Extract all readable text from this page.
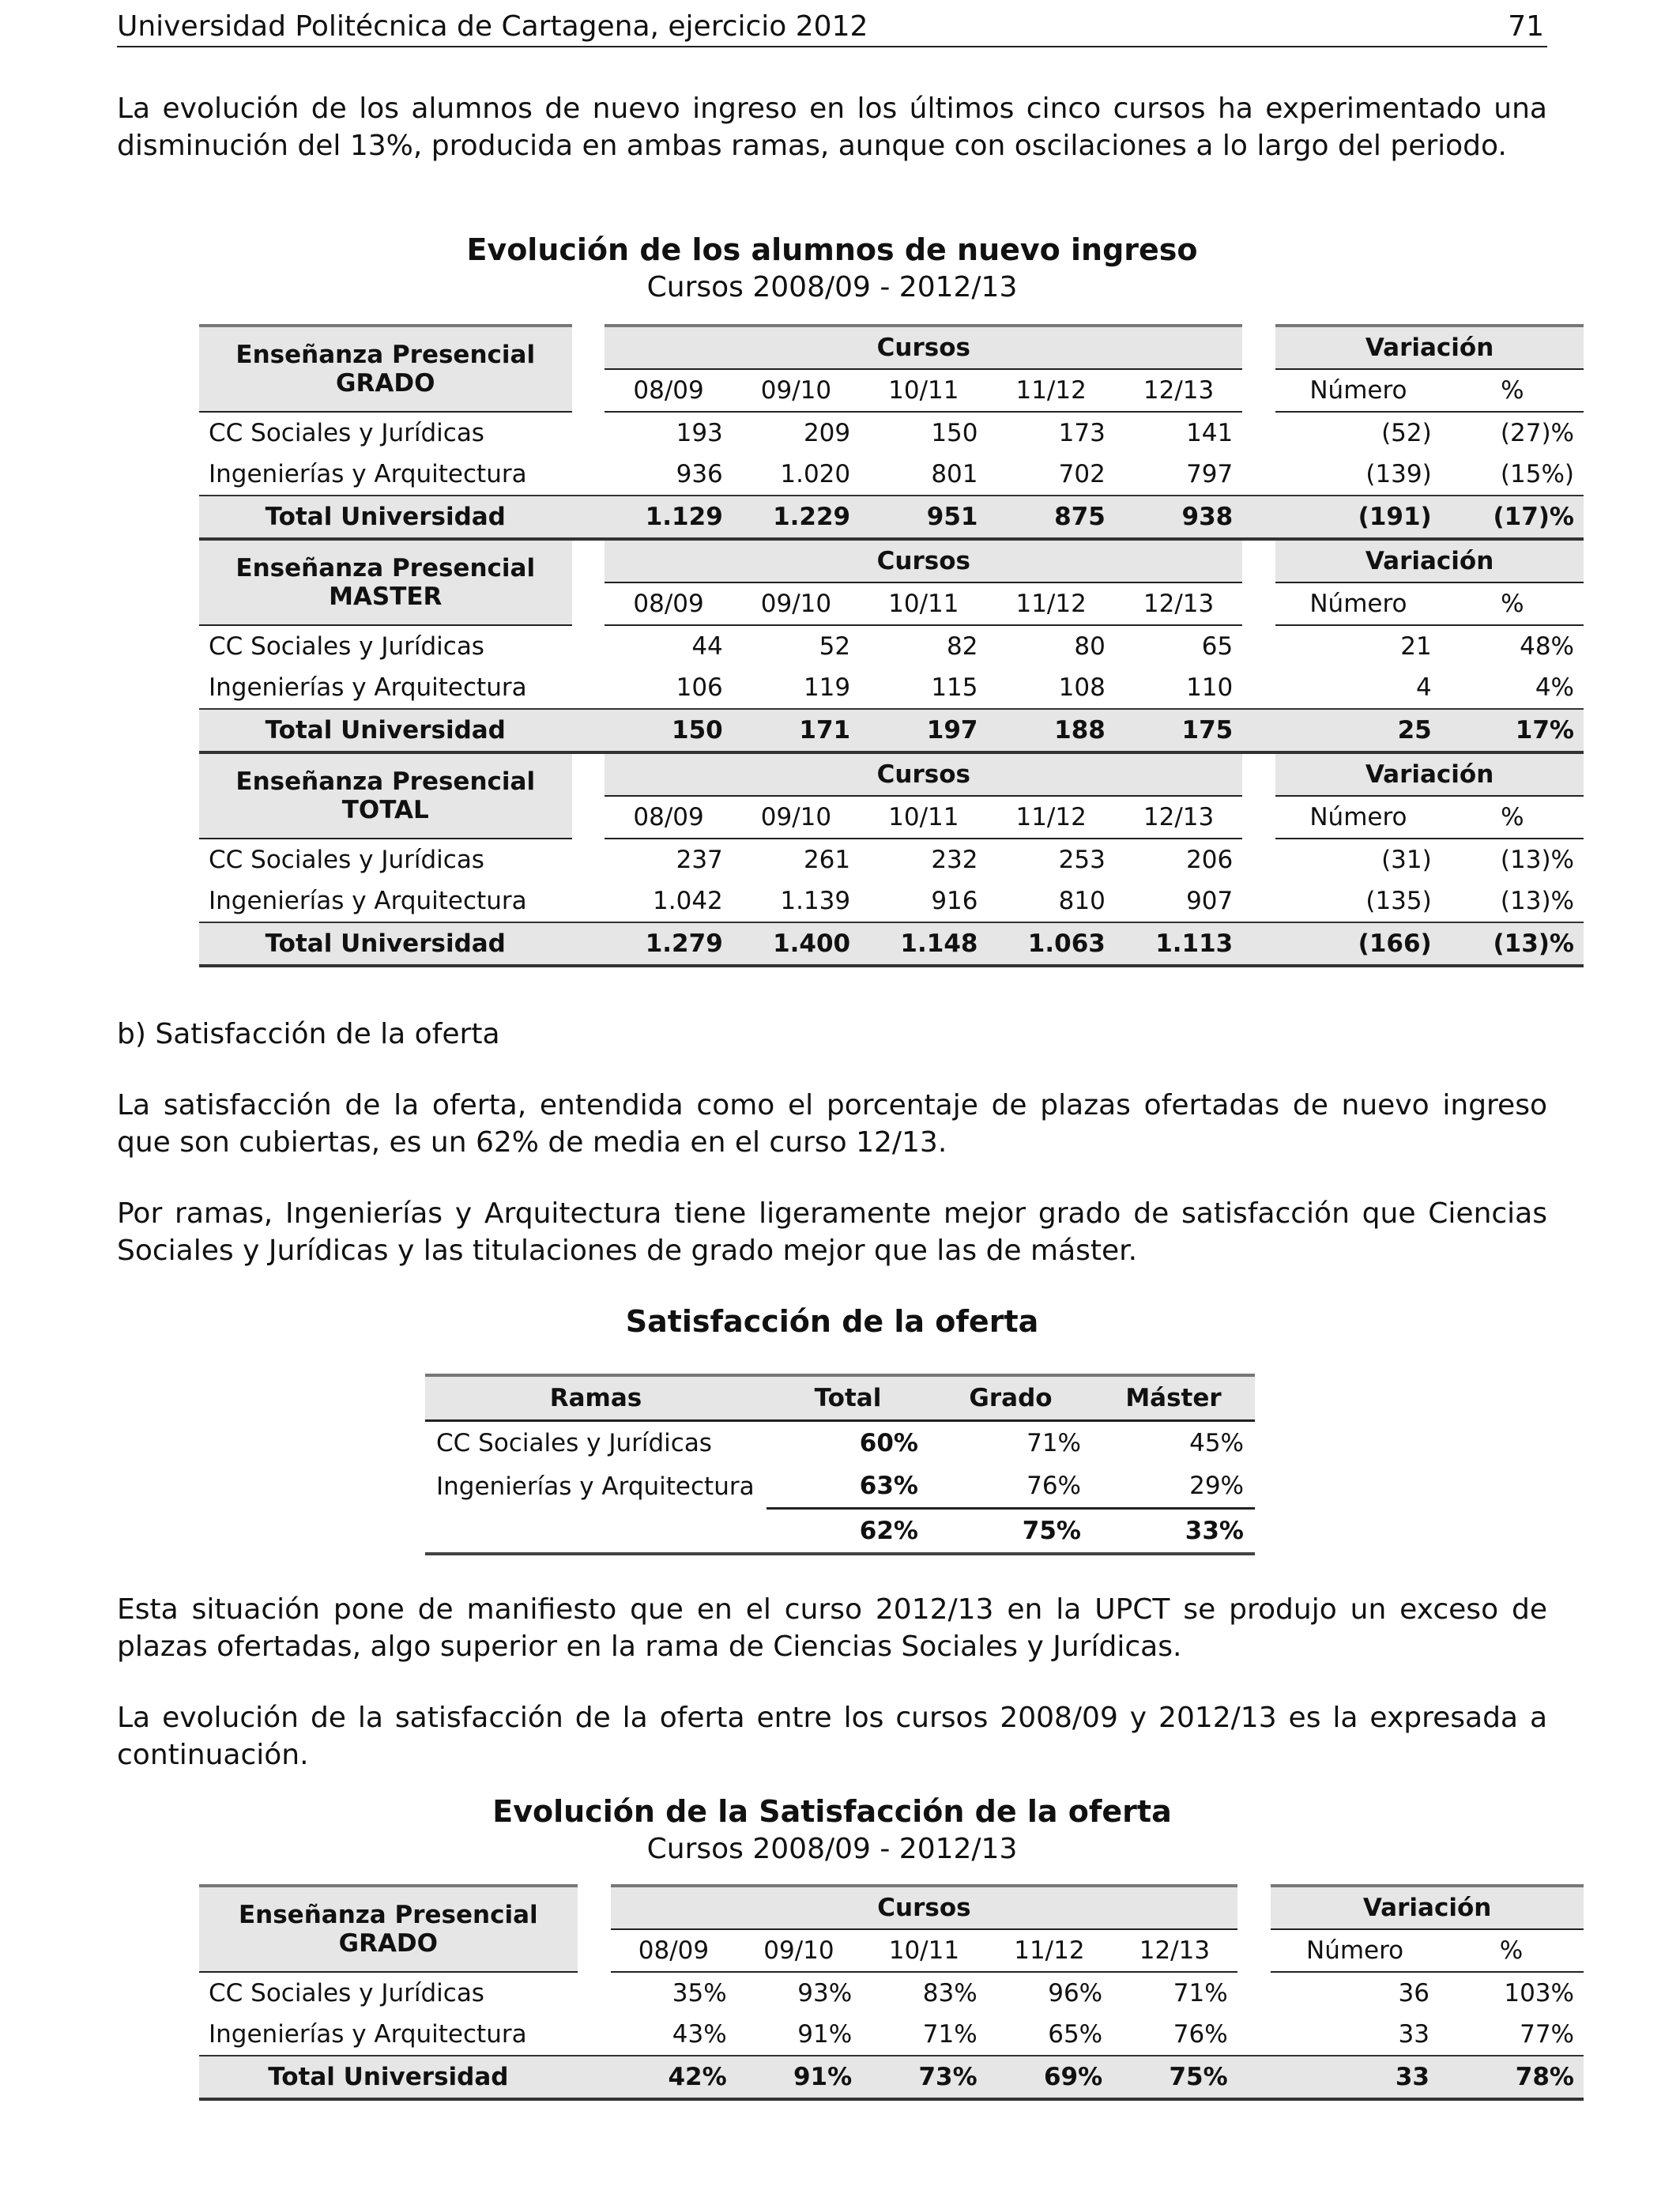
Universidad Politécnica de Cartagena, ejercicio 2012	71

La evolución de los alumnos de nuevo ingreso en los últimos cinco cursos ha experimentado una disminución del 13%, producida en ambas ramas, aunque con oscilaciones a lo largo del periodo.

Evolución de los alumnos de nuevo ingreso
Cursos 2008/09 - 2012/13
Enseñanza Presencial
GRADO		Cursos						Variación	
		08/09	09/10	10/11	11/12	12/13		Número	%
CC Sociales y Jurídicas		193	209	150	173	141		(52)	(27)%
Ingenierías y Arquitectura		936	1.020	801	702	797		(139)	(15%)
Total Universidad		1.129	1.229	951	875	938		(191)	(17)%

Enseñanza Presencial
MASTER		Cursos						Variación	
		08/09	09/10	10/11	11/12	12/13		Número	%
CC Sociales y Jurídicas		44	52	82	80	65		21	48%
Ingenierías y Arquitectura		106	119	115	108	110		4	4%
Total Universidad		150	171	197	188	175		25	17%

Enseñanza Presencial
TOTAL		Cursos						Variación	
		08/09	09/10	10/11	11/12	12/13		Número	%
CC Sociales y Jurídicas		237	261	232	253	206		(31)	(13)%
Ingenierías y Arquitectura		1.042	1.139	916	810	907		(135)	(13)%
Total Universidad		1.279	1.400	1.148	1.063	1.113		(166)	(13)%

b) Satisfacción de la oferta

La satisfacción de la oferta, entendida como el porcentaje de plazas ofertadas de nuevo ingreso que son cubiertas, es un 62% de media en el curso 12/13.

Por ramas, Ingenierías y Arquitectura tiene ligeramente mejor grado de satisfacción que Ciencias Sociales y Jurídicas y las titulaciones de grado mejor que las de máster.

Satisfacción de la oferta
Ramas	Total	Grado	Máster
CC Sociales y Jurídicas	60%	71%	45%
Ingenierías y Arquitectura	63%	76%	29%
	62%	75%	33%

Esta situación pone de manifiesto que en el curso 2012/13 en la UPCT se produjo un exceso de plazas ofertadas, algo superior en la rama de Ciencias Sociales y Jurídicas.

La evolución de la satisfacción de la oferta entre los cursos 2008/09 y 2012/13 es la expresada a continuación.

Evolución de la Satisfacción de la oferta
Cursos 2008/09 - 2012/13
Enseñanza Presencial
GRADO		Cursos						Variación	
		08/09	09/10	10/11	11/12	12/13		Número	%
CC Sociales y Jurídicas		35%	93%	83%	96%	71%		36	103%
Ingenierías y Arquitectura		43%	91%	71%	65%	76%		33	77%
Total Universidad		42%	91%	73%	69%	75%		33	78%
